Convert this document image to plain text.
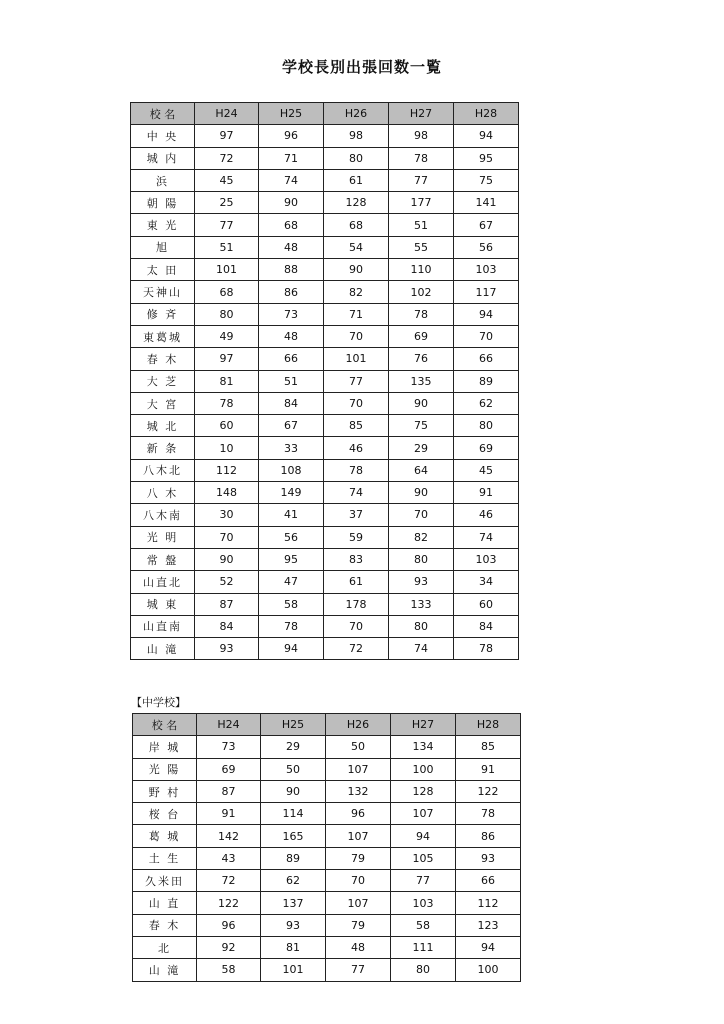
学校長別出張回数一覧
校 名	H24	H25	H26	H27	H28
中 央	97	96	98	98	94
城 内	72	71	80	78	95
浜	45	74	61	77	75
朝 陽	25	90	128	177	141
東 光	77	68	68	51	67
旭	51	48	54	55	56
太 田	101	88	90	110	103
天神山	68	86	82	102	117
修 斉	80	73	71	78	94
東葛城	49	48	70	69	70
春 木	97	66	101	76	66
大 芝	81	51	77	135	89
大 宮	78	84	70	90	62
城 北	60	67	85	75	80
新 条	10	33	46	29	69
八木北	112	108	78	64	45
八 木	148	149	74	90	91
八木南	30	41	37	70	46
光 明	70	56	59	82	74
常 盤	90	95	83	80	103
山直北	52	47	61	93	34
城 東	87	58	178	133	60
山直南	84	78	70	80	84
山 滝	93	94	72	74	78
【中学校】
校 名	H24	H25	H26	H27	H28
岸 城	73	29	50	134	85
光 陽	69	50	107	100	91
野 村	87	90	132	128	122
桜 台	91	114	96	107	78
葛 城	142	165	107	94	86
土 生	43	89	79	105	93
久米田	72	62	70	77	66
山 直	122	137	107	103	112
春 木	96	93	79	58	123
北	92	81	48	111	94
山 滝	58	101	77	80	100
